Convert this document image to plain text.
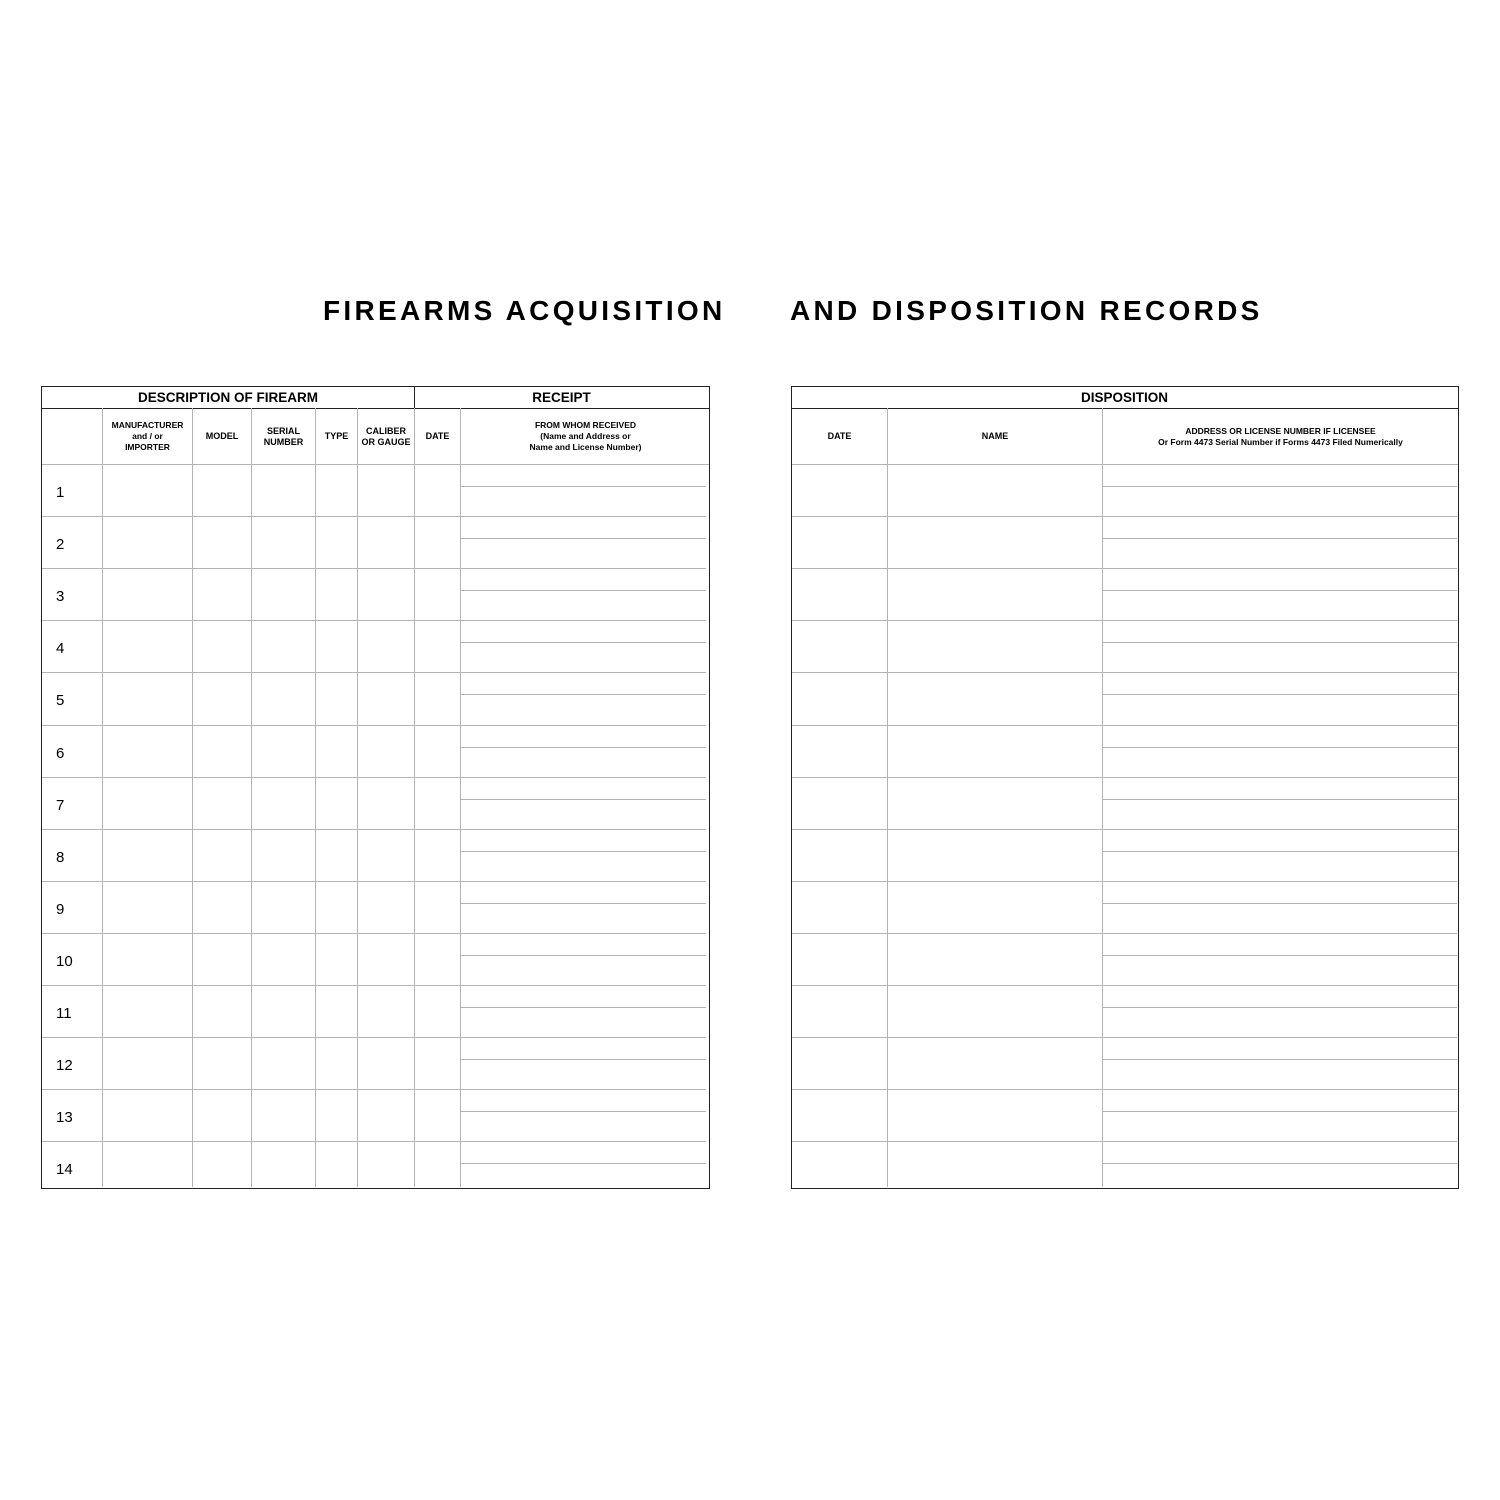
FIREARMS ACQUISITION AND DISPOSITION RECORDS
DESCRIPTION OF FIREARM	RECEIPT
MANUFACTURER
and / or
IMPORTER
MODEL
SERIAL
NUMBER
TYPE
CALIBER
OR GAUGE
DATE
FROM WHOM RECEIVED
(Name and Address or
Name and License Number)
1
2
3
4
5
6
7
8
9
10
11
12
13
14
DISPOSITION
DATE	NAME
ADDRESS OR LICENSE NUMBER IF LICENSEE
Or Form 4473 Serial Number if Forms 4473 Filed Numerically
